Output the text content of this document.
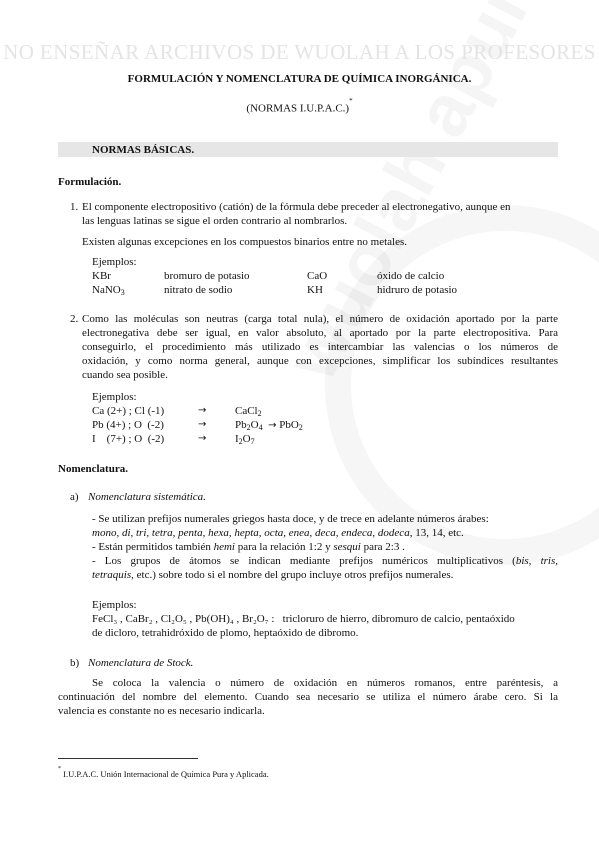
NO ENSEÑAR ARCHIVOS DE WUOLAH A LOS PROFESORES
FORMULACIÓN Y NOMENCLATURA DE QUÍMICA INORGÁNICA.
(NORMAS I.U.P.A.C.)*
NORMAS BÁSICAS.
Formulación.
1. El componente electropositivo (catión) de la fórmula debe preceder al electronegativo, aunque en
las lenguas latinas se sigue el orden contrario al nombrarlos.
Existen algunas excepciones en los compuestos binarios entre no metales.
Ejemplos:
KBr	bromuro de potasio	CaO	óxido de calcio
NaNO$_3$	nitrato de sodio	KH	hidruro de potasio
2. Como las moléculas son neutras (carga total nula), el número de oxidación aportado por la parte
electronegativa debe ser igual, en valor absoluto, al aportado por la parte electropositiva. Para
conseguirlo, el procedimiento más utilizado es intercambiar las valencias o los números de
oxidación, y como norma general, aunque con excepciones, simplificar los subíndices resultantes
cuando sea posible.
Ejemplos:
Ca (2+) ; Cl (-1)	→	CaCl$_2$
Pb (4+) ; O  (-2)	→	$Pb_2O_4 \to PbO_2$
I    (7+) ; O  (-2)	→	$I_2O_7$
Nomenclatura.
a) Nomenclatura sistemática.
- Se utilizan prefijos numerales griegos hasta doce, y de trece en adelante números árabes:
mono, di, tri, tetra, penta, hexa, hepta, octa, enea, deca, endeca, dodeca, 13, 14, etc.
- Están permitidos también hemi para la relación 1:2 y sesqui para 2:3 .
- Los grupos de átomos se indican mediante prefijos numéricos multiplicativos (bis, tris,
tetraquis, etc.) sobre todo si el nombre del grupo incluye otros prefijos numerales.
Ejemplos:
FeCl₃ , CaBr₂ , Cl₂O₅ , Pb(OH)₄ , Br₂O₇ : tricloruro de hierro, dibromuro de calcio, pentaóxido
de dicloro, tetrahidróxido de plomo, heptaóxido de dibromo.
b) Nomenclatura de Stock.
Se coloca la valencia o número de oxidación en números romanos, entre paréntesis, a
continuación del nombre del elemento. Cuando sea necesario se utiliza el número árabe cero. Si la
valencia es constante no es necesario indicarla.
* I.U.P.A.C. Unión Internacional de Química Pura y Aplicada.
